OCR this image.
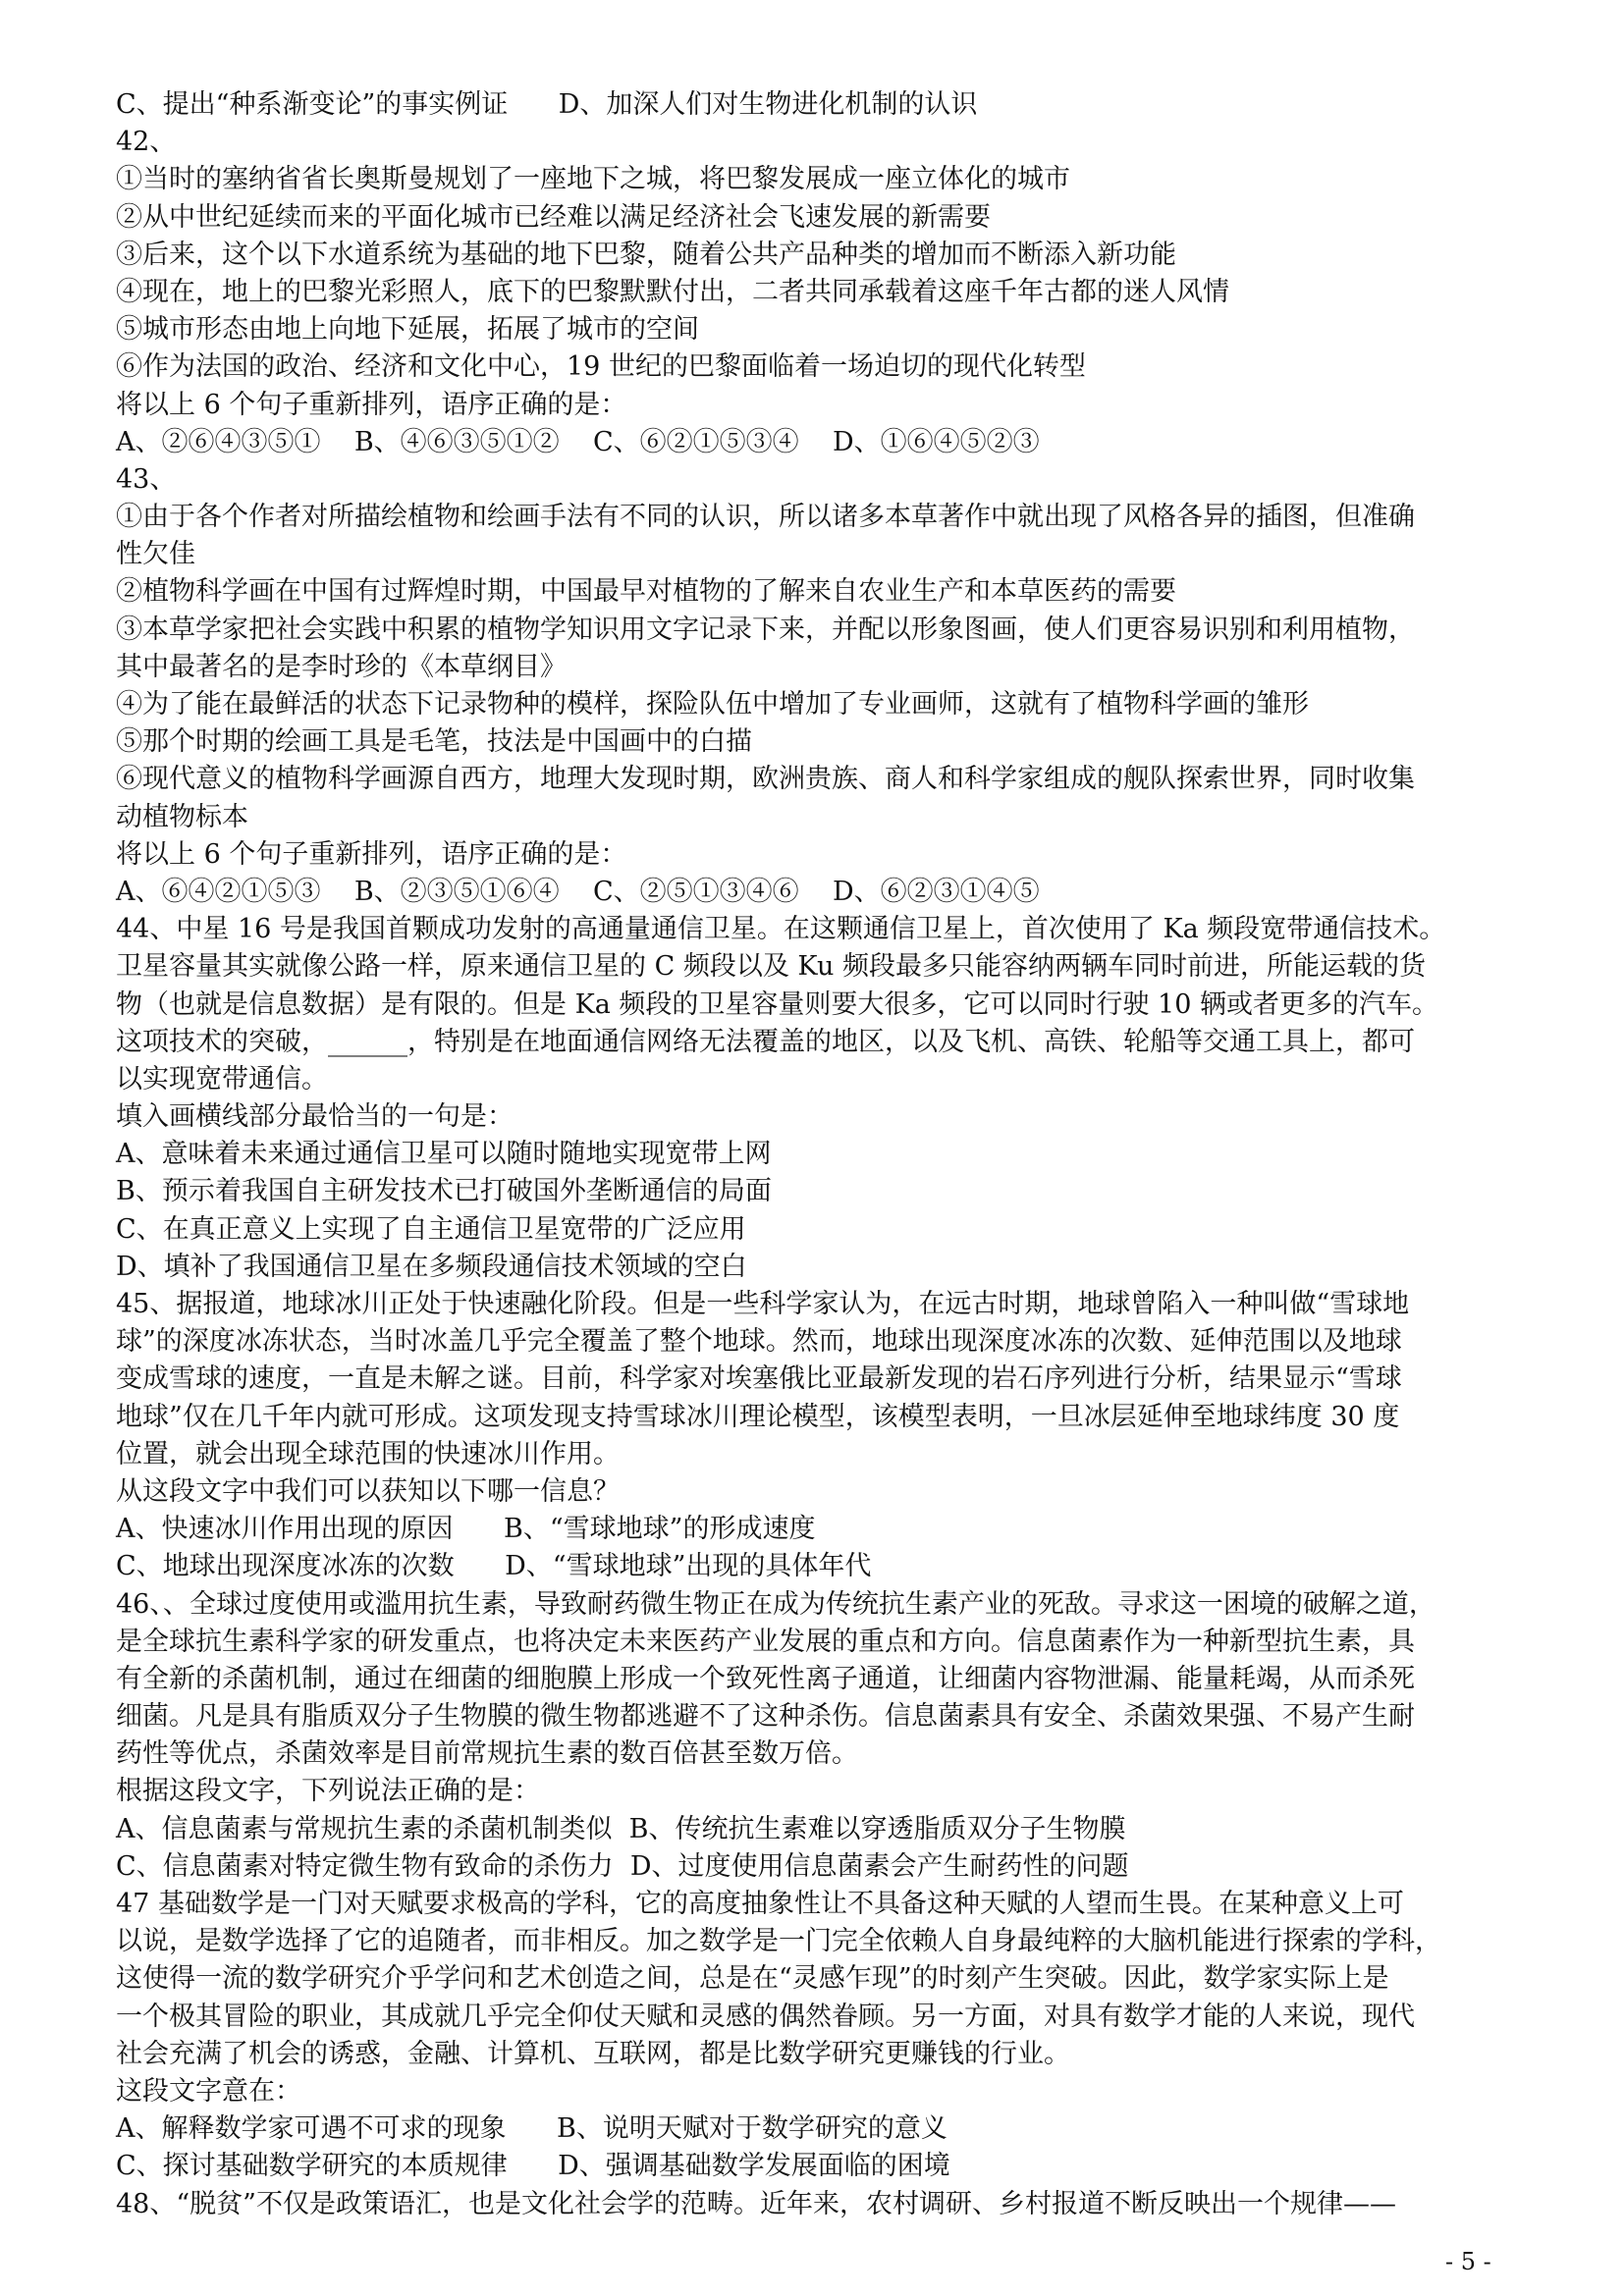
C、提出“种系渐变论”的事实例证      D、加深人们对生物进化机制的认识
42、
①当时的塞纳省省长奥斯曼规划了一座地下之城，将巴黎发展成一座立体化的城市
②从中世纪延续而来的平面化城市已经难以满足经济社会飞速发展的新需要
③后来，这个以下水道系统为基础的地下巴黎，随着公共产品种类的增加而不断添入新功能
④现在，地上的巴黎光彩照人，底下的巴黎默默付出，二者共同承载着这座千年古都的迷人风情
⑤城市形态由地上向地下延展，拓展了城市的空间
⑥作为法国的政治、经济和文化中心，19 世纪的巴黎面临着一场迫切的现代化转型
将以上 6 个句子重新排列，语序正确的是：
A、②⑥④③⑤①    B、④⑥③⑤①②    C、⑥②①⑤③④    D、①⑥④⑤②③
43、
①由于各个作者对所描绘植物和绘画手法有不同的认识，所以诸多本草著作中就出现了风格各异的插图，但准确
性欠佳
②植物科学画在中国有过辉煌时期，中国最早对植物的了解来自农业生产和本草医药的需要
③本草学家把社会实践中积累的植物学知识用文字记录下来，并配以形象图画，使人们更容易识别和利用植物，
其中最著名的是李时珍的《本草纲目》
④为了能在最鲜活的状态下记录物种的模样，探险队伍中增加了专业画师，这就有了植物科学画的雏形
⑤那个时期的绘画工具是毛笔，技法是中国画中的白描
⑥现代意义的植物科学画源自西方，地理大发现时期，欧洲贵族、商人和科学家组成的舰队探索世界，同时收集
动植物标本
将以上 6 个句子重新排列，语序正确的是：
A、⑥④②①⑤③    B、②③⑤①⑥④    C、②⑤①③④⑥    D、⑥②③①④⑤
44、中星 16 号是我国首颗成功发射的高通量通信卫星。在这颗通信卫星上，首次使用了 Ka 频段宽带通信技术。
卫星容量其实就像公路一样，原来通信卫星的 C 频段以及 Ku 频段最多只能容纳两辆车同时前进，所能运载的货
物（也就是信息数据）是有限的。但是 Ka 频段的卫星容量则要大很多，它可以同时行驶 10 辆或者更多的汽车。
这项技术的突破，______，特别是在地面通信网络无法覆盖的地区，以及飞机、高铁、轮船等交通工具上，都可
以实现宽带通信。
填入画横线部分最恰当的一句是：
A、意味着未来通过通信卫星可以随时随地实现宽带上网
B、预示着我国自主研发技术已打破国外垄断通信的局面
C、在真正意义上实现了自主通信卫星宽带的广泛应用
D、填补了我国通信卫星在多频段通信技术领域的空白
45、据报道，地球冰川正处于快速融化阶段。但是一些科学家认为，在远古时期，地球曾陷入一种叫做“雪球地
球”的深度冰冻状态，当时冰盖几乎完全覆盖了整个地球。然而，地球出现深度冰冻的次数、延伸范围以及地球
变成雪球的速度，一直是未解之谜。目前，科学家对埃塞俄比亚最新发现的岩石序列进行分析，结果显示“雪球
地球”仅在几千年内就可形成。这项发现支持雪球冰川理论模型，该模型表明，一旦冰层延伸至地球纬度 30 度
位置，就会出现全球范围的快速冰川作用。
从这段文字中我们可以获知以下哪一信息？
A、快速冰川作用出现的原因      B、“雪球地球”的形成速度
C、地球出现深度冰冻的次数      D、“雪球地球”出现的具体年代
46、、全球过度使用或滥用抗生素，导致耐药微生物正在成为传统抗生素产业的死敌。寻求这一困境的破解之道，
是全球抗生素科学家的研发重点，也将决定未来医药产业发展的重点和方向。信息菌素作为一种新型抗生素，具
有全新的杀菌机制，通过在细菌的细胞膜上形成一个致死性离子通道，让细菌内容物泄漏、能量耗竭，从而杀死
细菌。凡是具有脂质双分子生物膜的微生物都逃避不了这种杀伤。信息菌素具有安全、杀菌效果强、不易产生耐
药性等优点，杀菌效率是目前常规抗生素的数百倍甚至数万倍。
根据这段文字，下列说法正确的是：
A、信息菌素与常规抗生素的杀菌机制类似  B、传统抗生素难以穿透脂质双分子生物膜
C、信息菌素对特定微生物有致命的杀伤力  D、过度使用信息菌素会产生耐药性的问题
47 基础数学是一门对天赋要求极高的学科，它的高度抽象性让不具备这种天赋的人望而生畏。在某种意义上可
以说，是数学选择了它的追随者，而非相反。加之数学是一门完全依赖人自身最纯粹的大脑机能进行探索的学科，
这使得一流的数学研究介乎学问和艺术创造之间，总是在“灵感乍现”的时刻产生突破。因此，数学家实际上是
一个极其冒险的职业，其成就几乎完全仰仗天赋和灵感的偶然眷顾。另一方面，对具有数学才能的人来说，现代
社会充满了机会的诱惑，金融、计算机、互联网，都是比数学研究更赚钱的行业。
这段文字意在：
A、解释数学家可遇不可求的现象      B、说明天赋对于数学研究的意义
C、探讨基础数学研究的本质规律      D、强调基础数学发展面临的困境
48、“脱贫”不仅是政策语汇，也是文化社会学的范畴。近年来，农村调研、乡村报道不断反映出一个规律——
- 5 -
